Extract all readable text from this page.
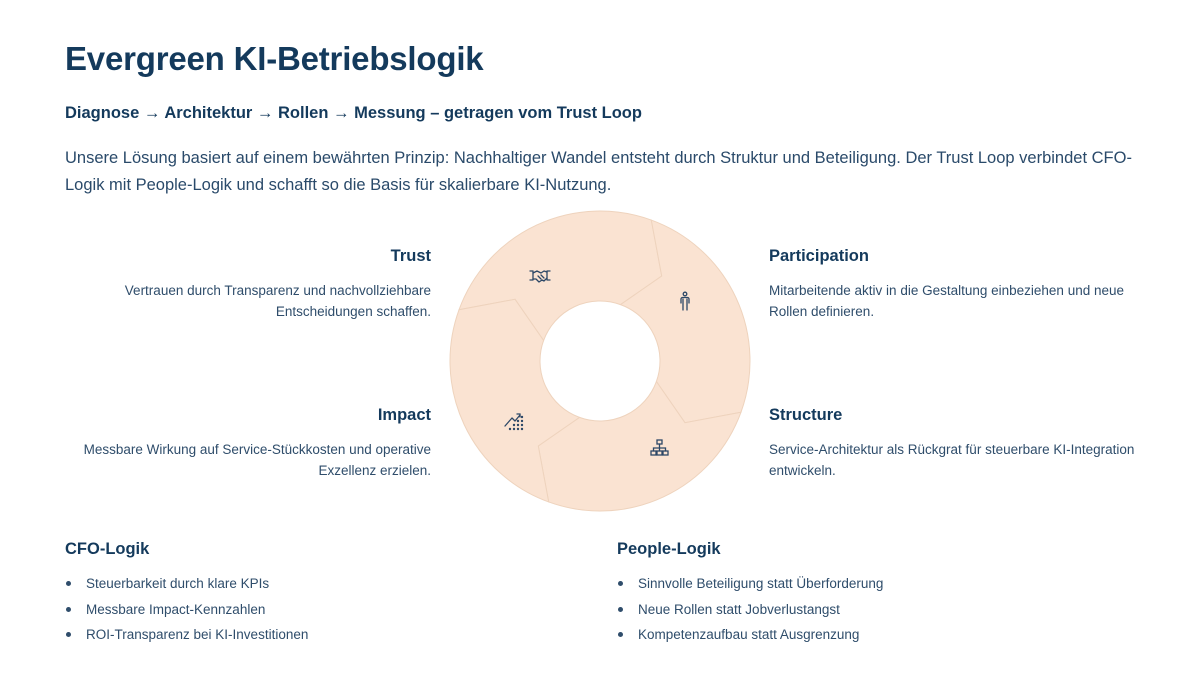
Evergreen KI-Betriebslogik
Diagnose → Architektur → Rollen → Messung – getragen vom Trust Loop

Unsere Lösung basiert auf einem bewährten Prinzip: Nachhaltiger Wandel entsteht durch Struktur und Beteiligung. Der Trust Loop verbindet CFO-Logik mit People-Logik und schafft so die Basis für skalierbare KI-Nutzung.

Trust

Vertrauen durch Transparenz und nachvollziehbare Entscheidungen schaffen.

Impact

Messbare Wirkung auf Service-Stückkosten und operative Exzellenz erzielen.

Participation

Mitarbeitende aktiv in die Gestaltung einbeziehen und neue Rollen definieren.

Structure

Service-Architektur als Rückgrat für steuerbare KI-Integration entwickeln.

CFO-Logik
Steuerbarkeit durch klare KPIs
Messbare Impact-Kennzahlen
ROI-Transparenz bei KI-Investitionen
People-Logik
Sinnvolle Beteiligung statt Überforderung
Neue Rollen statt Jobverlustangst
Kompetenzaufbau statt Ausgrenzung
